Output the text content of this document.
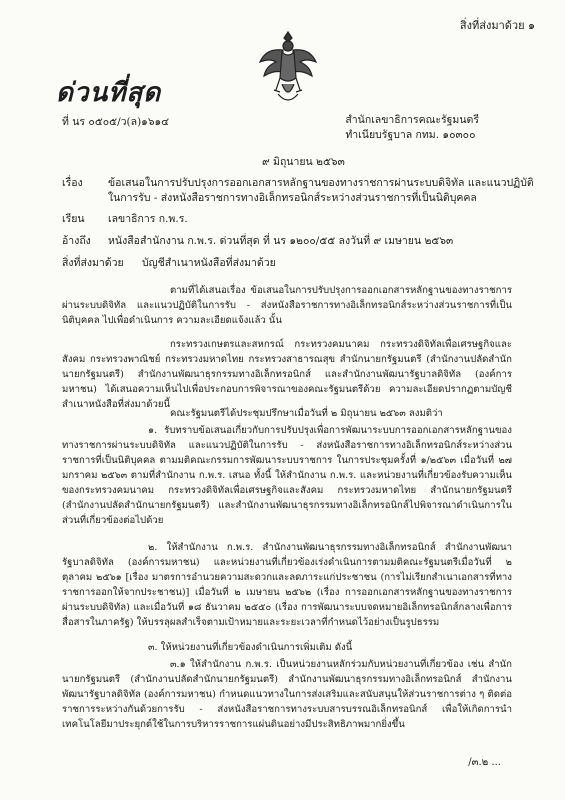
สิ่งที่ส่งมาด้วย ๑
ด่วนที่สุด
ที่ นร ๐๕๐๕/ว(ล)๑๖๑๔	สำนักเลขาธิการคณะรัฐมนตรี
ทำเนียบรัฐบาล กทม. ๑๐๓๐๐
๙ มิถุนายน ๒๕๖๓
เรื่อง	ข้อเสนอในการปรับปรุงการออกเอกสารหลักฐานของทางราชการผ่านระบบดิจิทัล และแนวปฏิบัติในการรับ - ส่งหนังสือราชการทางอิเล็กทรอนิกส์ระหว่างส่วนราชการที่เป็นนิติบุคคล
เรียน	เลขาธิการ ก.พ.ร.
อ้างถึง	หนังสือสำนักงาน ก.พ.ร. ด่วนที่สุด ที่ นร ๑๒๐๐/๕๕ ลงวันที่ ๙ เมษายน ๒๕๖๓
สิ่งที่ส่งมาด้วย	บัญชีสำเนาหนังสือที่ส่งมาด้วย

ตามที่ได้เสนอเรื่อง ข้อเสนอในการปรับปรุงการออกเอกสารหลักฐานของทางราชการผ่านระบบดิจิทัล และแนวปฏิบัติในการรับ - ส่งหนังสือราชการทางอิเล็กทรอนิกส์ระหว่างส่วนราชการที่เป็นนิติบุคคล ไปเพื่อดำเนินการ ความละเอียดแจ้งแล้ว นั้น

กระทรวงเกษตรและสหกรณ์ กระทรวงคมนาคม กระทรวงดิจิทัลเพื่อเศรษฐกิจและสังคม กระทรวงพาณิชย์ กระทรวงมหาดไทย กระทรวงสาธารณสุข สำนักนายกรัฐมนตรี (สำนักงานปลัดสำนักนายกรัฐมนตรี) สำนักงานพัฒนาธุรกรรมทางอิเล็กทรอนิกส์ และสำนักงานพัฒนารัฐบาลดิจิทัล (องค์การมหาชน) ได้เสนอความเห็นไปเพื่อประกอบการพิจารณาของคณะรัฐมนตรีด้วย ความละเอียดปรากฏตามบัญชีสำเนาหนังสือที่ส่งมาด้วยนี้

คณะรัฐมนตรีได้ประชุมปรึกษาเมื่อวันที่ ๒ มิถุนายน ๒๕๖๓ ลงมติว่า

๑. รับทราบข้อเสนอเกี่ยวกับการปรับปรุงเพื่อการพัฒนาระบบการออกเอกสารหลักฐานของทางราชการผ่านระบบดิจิทัล และแนวปฏิบัติในการรับ - ส่งหนังสือราชการทางอิเล็กทรอนิกส์ระหว่างส่วนราชการที่เป็นนิติบุคคล ตามมติคณะกรรมการพัฒนาระบบราชการ ในการประชุมครั้งที่ ๑/๒๕๖๓ เมื่อวันที่ ๒๗ มกราคม ๒๕๖๓ ตามที่สำนักงาน ก.พ.ร. เสนอ ทั้งนี้ ให้สำนักงาน ก.พ.ร. และหน่วยงานที่เกี่ยวข้องรับความเห็นของกระทรวงคมนาคม กระทรวงดิจิทัลเพื่อเศรษฐกิจและสังคม กระทรวงมหาดไทย สำนักนายกรัฐมนตรี (สำนักงานปลัดสำนักนายกรัฐมนตรี) และสำนักงานพัฒนาธุรกรรมทางอิเล็กทรอนิกส์ไปพิจารณาดำเนินการในส่วนที่เกี่ยวข้องต่อไปด้วย

๒. ให้สำนักงาน ก.พ.ร. สำนักงานพัฒนาธุรกรรมทางอิเล็กทรอนิกส์ สำนักงานพัฒนารัฐบาลดิจิทัล (องค์การมหาชน) และหน่วยงานที่เกี่ยวข้องเร่งดำเนินการตามมติคณะรัฐมนตรีเมื่อวันที่ ๒ ตุลาคม ๒๕๖๑ [เรื่อง มาตรการอำนวยความสะดวกและลดภาระแก่ประชาชน (การไม่เรียกสำเนาเอกสารที่ทางราชการออกให้จากประชาชน)] เมื่อวันที่ ๒ เมษายน ๒๕๖๒ (เรื่อง การออกเอกสารหลักฐานของทางราชการผ่านระบบดิจิทัล) และเมื่อวันที่ ๑๘ ธันวาคม ๒๕๕๐ (เรื่อง การพัฒนาระบบจดหมายอิเล็กทรอนิกส์กลางเพื่อการสื่อสารในภาครัฐ) ให้บรรลุผลสำเร็จตามเป้าหมายและระยะเวลาที่กำหนดไว้อย่างเป็นรูปธรรม

๓. ให้หน่วยงานที่เกี่ยวข้องดำเนินการเพิ่มเติม ดังนี้

๓.๑ ให้สำนักงาน ก.พ.ร. เป็นหน่วยงานหลักร่วมกับหน่วยงานที่เกี่ยวข้อง เช่น สำนักนายกรัฐมนตรี (สำนักงานปลัดสำนักนายกรัฐมนตรี) สำนักงานพัฒนาธุรกรรมทางอิเล็กทรอนิกส์ สำนักงานพัฒนารัฐบาลดิจิทัล (องค์การมหาชน) กำหนดแนวทางในการส่งเสริมและสนับสนุนให้ส่วนราชการต่าง ๆ ติดต่อราชการระหว่างกันด้วยการรับ - ส่งหนังสือราชการทางระบบสารบรรณอิเล็กทรอนิกส์ เพื่อให้เกิดการนำเทคโนโลยีมาประยุกต์ใช้ในการบริหารราชการแผ่นดินอย่างมีประสิทธิภาพมากยิ่งขึ้น

/๓.๒ ...
